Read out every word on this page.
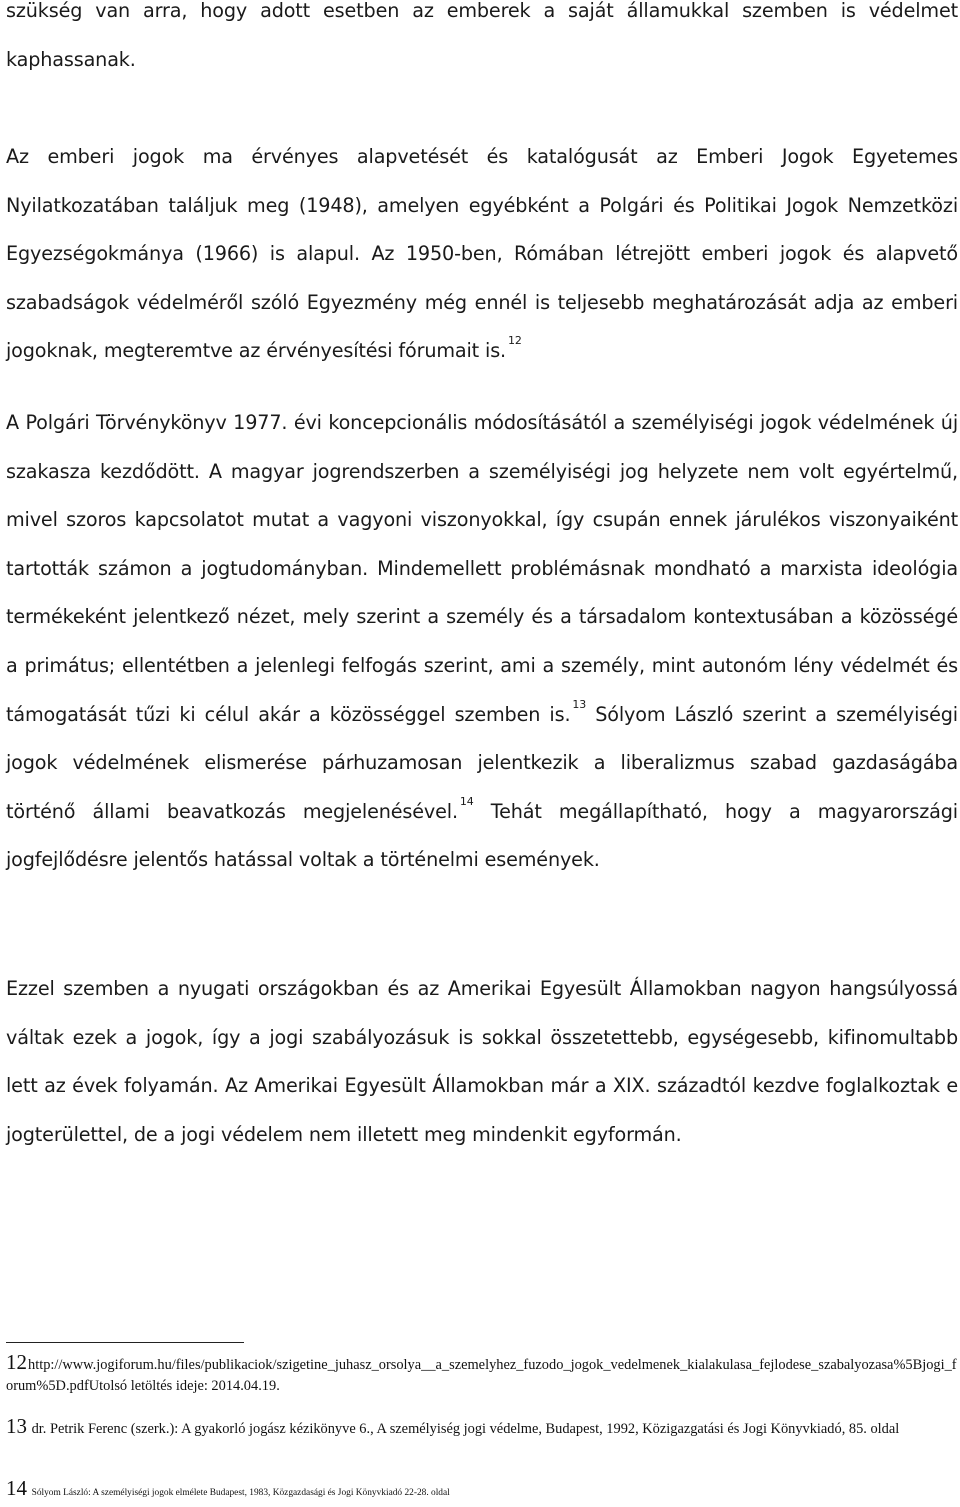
szükség van arra, hogy adott esetben az emberek a saját államukkal szemben is védelmet kaphassanak.
Az emberi jogok ma érvényes alapvetését és katalógusát az Emberi Jogok Egyetemes Nyilatkozatában találjuk meg (1948), amelyen egyébként a Polgári és Politikai Jogok Nemzetközi Egyezségokmánya (1966) is alapul. Az 1950-ben, Rómában létrejött emberi jogok és alapvető szabadságok védelméről szóló Egyezmény még ennél is teljesebb meghatározását adja az emberi jogoknak, megteremtve az érvényesítési fórumait is. $^{12}$
A Polgári Törvénykönyv 1977. évi koncepcionális módosításától a személyiségi jogok védelmének új szakasza kezdődött. A magyar jogrendszerben a személyiségi jog helyzete nem volt egyértelmű, mivel szoros kapcsolatot mutat a vagyoni viszonyokkal, így csupán ennek járulékos viszonyaiként tartották számon a jogtudományban. Mindemellett problémásnak mondható a marxista ideológia termékeként jelentkező nézet, mely szerint a személy és a társadalom kontextusában a közösségé a primátus; ellentétben a jelenlegi felfogás szerint, ami a személy, mint autonóm lény védelmét és támogatását tűzi ki célul akár a közösséggel szemben is. $^{13}$ Sólyom László szerint a személyiségi jogok védelmének elismerése párhuzamosan jelentkezik a liberalizmus szabad gazdaságába történő állami beavatkozás megjelenésével. $^{14}$ Tehát megállapítható, hogy a magyarországi jogfejlődésre jelentős hatással voltak a történelmi események.
Ezzel szemben a nyugati országokban és az Amerikai Egyesült Államokban nagyon hangsúlyossá váltak ezek a jogok, így a jogi szabályozásuk is sokkal összetettebb, egységesebb, kifinomultabb lett az évek folyamán. Az Amerikai Egyesült Államokban már a XIX. századtól kezdve foglalkoztak e jogterülettel, de a jogi védelem nem illetett meg mindenkit egyformán.
12http://www.jogiforum.hu/files/publikaciok/szigetine_juhasz_orsolya__a_szemelyhez_fuzodo_jogok_vedelmenek_kialakulasa_fejlodese_szabalyozasa%5Bjogi_forum%5D.pdfUtolsó letöltés ideje: 2014.04.19.
13 dr. Petrik Ferenc (szerk.): A gyakorló jogász kézikönyve 6., A személyiség jogi védelme, Budapest, 1992, Közigazgatási és Jogi Könyvkiadó, 85. oldal
14 Sólyom László: A személyiségi jogok elmélete Budapest, 1983, Közgazdasági és Jogi Könyvkiadó 22-28. oldal
